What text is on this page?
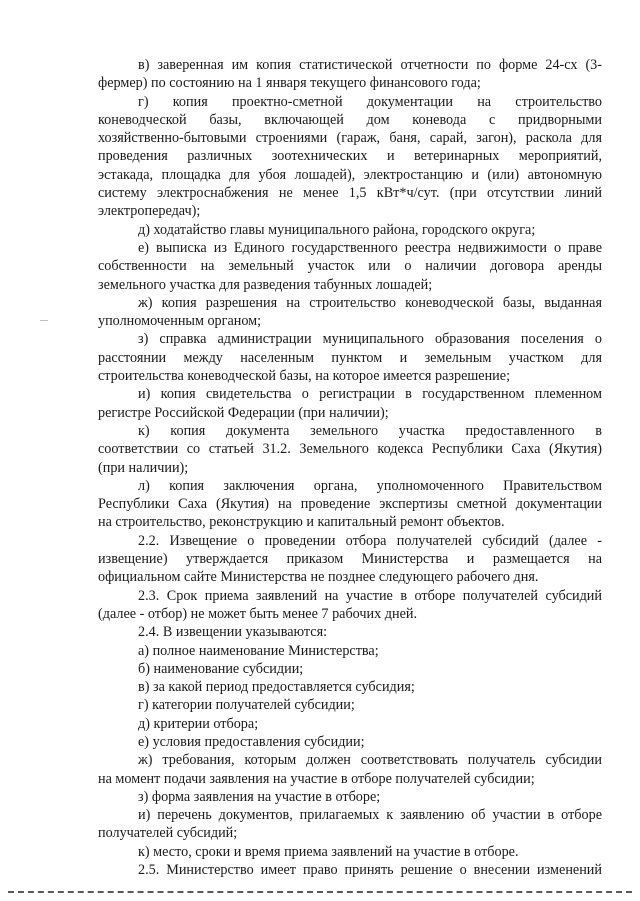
в) заверенная им копия статистической отчетности по форме 24-сх (3-
фермер) по состоянию на 1 января текущего финансового года;
г) копия проектно-сметной документации на строительство
коневодческой базы, включающей дом коневода с придворными
хозяйственно-бытовыми строениями (гараж, баня, сарай, загон), раскола для
проведения различных зоотехнических и ветеринарных мероприятий,
эстакада, площадка для убоя лошадей), электростанцию и (или) автономную
систему электроснабжения не менее 1,5 кВт*ч/сут. (при отсутствии линий
электропередач);
д) ходатайство главы муниципального района, городского округа;
е) выписка из Единого государственного реестра недвижимости о праве
собственности на земельный участок или о наличии договора аренды
земельного участка для разведения табунных лошадей;
ж) копия разрешения на строительство коневодческой базы, выданная
уполномоченным органом;
з) справка администрации муниципального образования поселения о
расстоянии между населенным пунктом и земельным участком для
строительства коневодческой базы, на которое имеется разрешение;
и) копия свидетельства о регистрации в государственном племенном
регистре Российской Федерации (при наличии);
к) копия документа земельного участка предоставленного в
соответствии со статьей 31.2. Земельного кодекса Республики Саха (Якутия)
(при наличии);
л) копия заключения органа, уполномоченного Правительством
Республики Саха (Якутия) на проведение экспертизы сметной документации
на строительство, реконструкцию и капитальный ремонт объектов.
2.2. Извещение о проведении отбора получателей субсидий (далее -
извещение) утверждается приказом Министерства и размещается на
официальном сайте Министерства не позднее следующего рабочего дня.
2.3. Срок приема заявлений на участие в отборе получателей субсидий
(далее - отбор) не может быть менее 7 рабочих дней.
2.4. В извещении указываются:
а) полное наименование Министерства;
б) наименование субсидии;
в) за какой период предоставляется субсидия;
г) категории получателей субсидии;
д) критерии отбора;
е) условия предоставления субсидии;
ж) требования, которым должен соответствовать получатель субсидии
на момент подачи заявления на участие в отборе получателей субсидии;
з) форма заявления на участие в отборе;
и) перечень документов, прилагаемых к заявлению об участии в отборе
получателей субсидий;
к) место, сроки и время приема заявлений на участие в отборе.
2.5. Министерство имеет право принять решение о внесении изменений
